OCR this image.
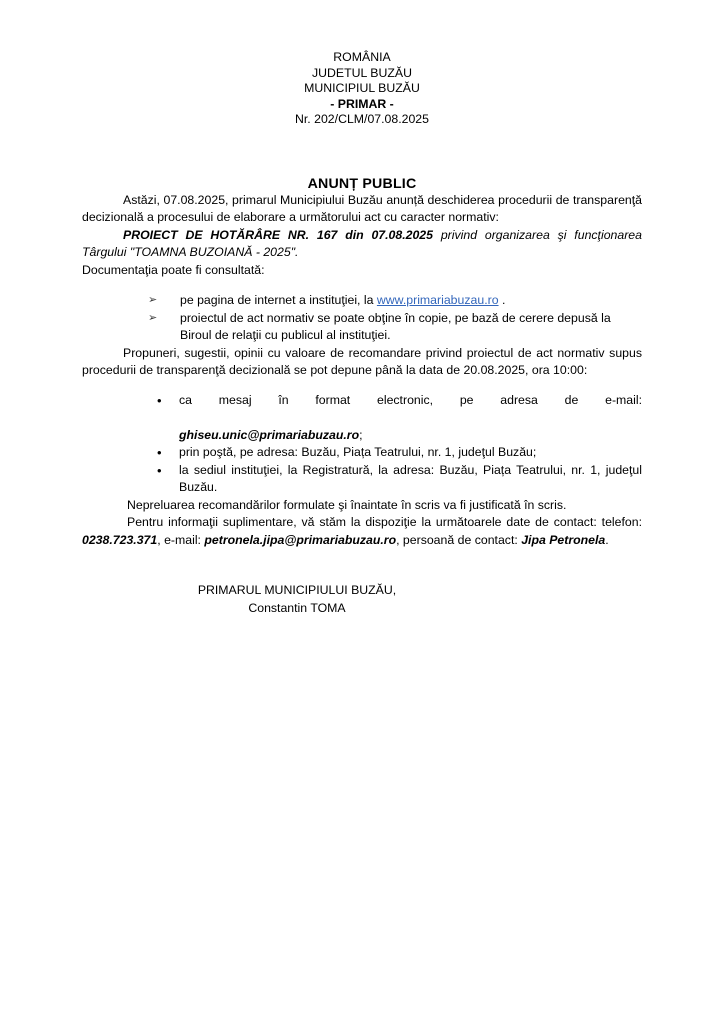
ROMÂNIA
JUDETUL BUZĂU
MUNICIPIUL BUZĂU
- PRIMAR -
Nr. 202/CLM/07.08.2025
ANUNȚ PUBLIC

Astăzi, 07.08.2025, primarul Municipiului Buzău anunță deschiderea procedurii de transparenţă decizională a procesului de elaborare a următorului act cu caracter normativ:

PROIECT DE HOTĂRÂRE NR. 167 din 07.08.2025 privind organizarea şi funcţionarea Târgului "TOAMNA BUZOIANĂ - 2025".

Documentaţia poate fi consultată:

➢ pe pagina de internet a instituţiei, la www.primariabuzau.ro .
➢ proiectul de act normativ se poate obţine în copie, pe bază de cerere depusă la Biroul de relaţii cu publicul al instituţiei.

Propuneri, sugestii, opinii cu valoare de recomandare privind proiectul de act normativ supus procedurii de transparenţă decizională se pot depune până la data de 20.08.2025, ora 10:00:

• ca mesaj în format electronic, pe adresa de e-mail:
ghiseu.unic@primariabuzau.ro;
• prin poştă, pe adresa: Buzău, Piața Teatrului, nr. 1, judeţul Buzău;
• la sediul instituţiei, la Registratură, la adresa: Buzău, Piața Teatrului, nr. 1, judeţul Buzău.

Nepreluarea recomandărilor formulate şi înaintate în scris va fi justificată în scris.

Pentru informaţii suplimentare, vă stăm la dispoziţie la următoarele date de contact: telefon: 0238.723.371, e-mail: petronela.jipa@primariabuzau.ro, persoană de contact: Jipa Petronela.

PRIMARUL MUNICIPIULUI BUZĂU,
Constantin TOMA
